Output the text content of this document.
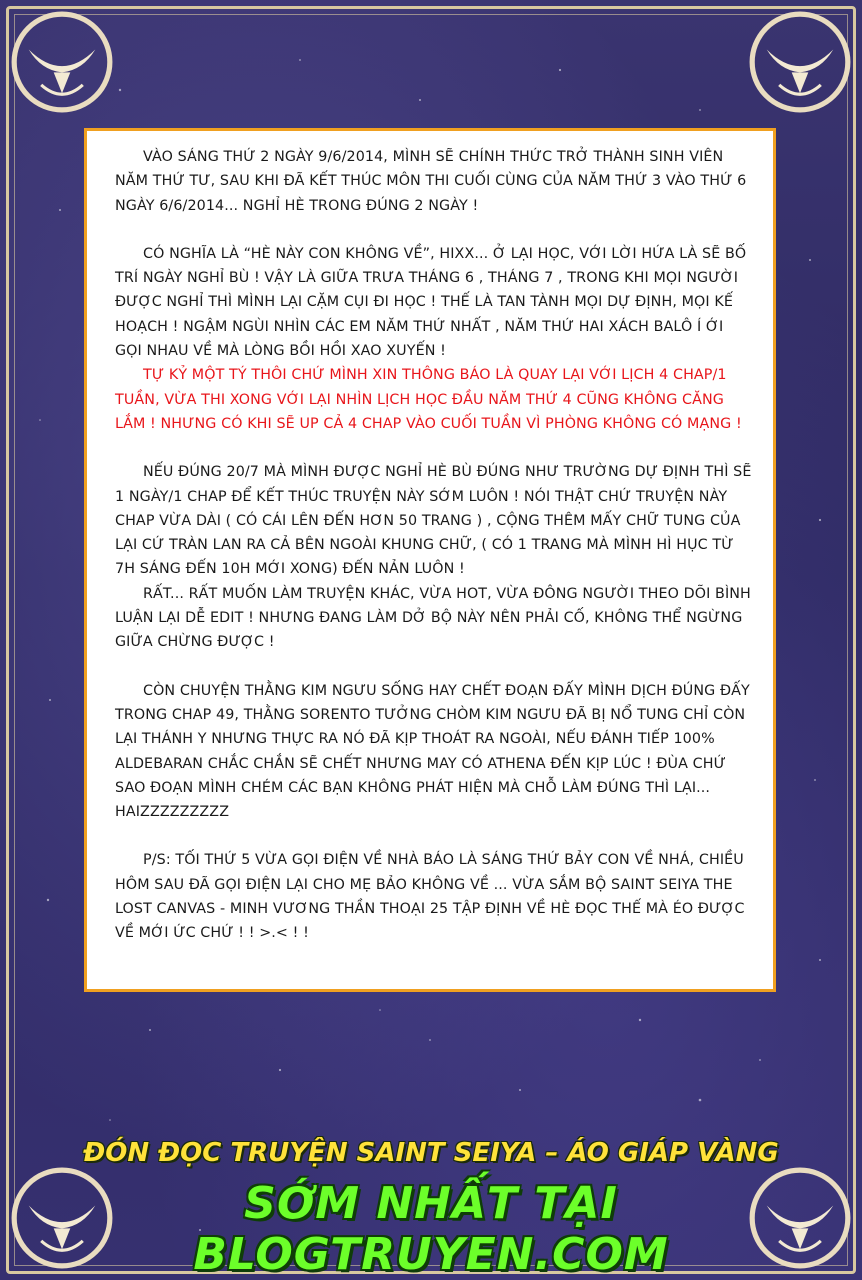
VÀO SÁNG THỨ 2 NGÀY 9/6/2014, MÌNH SẼ CHÍNH THỨC TRỞ THÀNH SINH VIÊN NĂM THỨ TƯ, SAU KHI ĐÃ KẾT THÚC MÔN THI CUỐI CÙNG CỦA NĂM THỨ 3 VÀO THỨ 6 NGÀY 6/6/2014... NGHỈ HÈ TRONG ĐÚNG 2 NGÀY !

CÓ NGHĨA LÀ “HÈ NÀY CON KHÔNG VỀ”, HIXX... Ở LẠI HỌC, VỚI LỜI HỨA LÀ SẼ BỐ TRÍ NGÀY NGHỈ BÙ ! VẬY LÀ GIỮA TRƯA THÁNG 6 , THÁNG 7 , TRONG KHI MỌI NGƯỜI ĐƯỢC NGHỈ THÌ MÌNH LẠI CẶM CỤI ĐI HỌC ! THẾ LÀ TAN TÀNH MỌI DỰ ĐỊNH, MỌI KẾ HOẠCH ! NGẬM NGÙI NHÌN CÁC EM NĂM THỨ NHẤT , NĂM THỨ HAI XÁCH BALÔ Í ỚI GỌI NHAU VỀ MÀ LÒNG BỒI HỒI XAO XUYẾN !

TỰ KỶ MỘT TÝ THÔI CHỨ MÌNH XIN THÔNG BÁO LÀ QUAY LẠI VỚI LỊCH 4 CHAP/1 TUẦN, VỪA THI XONG VỚI LẠI NHÌN LỊCH HỌC ĐẦU NĂM THỨ 4 CŨNG KHÔNG CĂNG LẮM ! NHƯNG CÓ KHI SẼ UP CẢ 4 CHAP VÀO CUỐI TUẦN VÌ PHÒNG KHÔNG CÓ MẠNG !

NẾU ĐÚNG 20/7 MÀ MÌNH ĐƯỢC NGHỈ HÈ BÙ ĐÚNG NHƯ TRƯỜNG DỰ ĐỊNH THÌ SẼ 1 NGÀY/1 CHAP ĐỂ KẾT THÚC TRUYỆN NÀY SỚM LUÔN ! NÓI THẬT CHỨ TRUYỆN NÀY CHAP VỪA DÀI ( CÓ CÁI LÊN ĐẾN HƠN 50 TRANG ) , CỘNG THÊM MẤY CHỮ TUNG CỦA LẠI CỨ TRÀN LAN RA CẢ BÊN NGOÀI KHUNG CHỮ, ( CÓ 1 TRANG MÀ MÌNH HÌ HỤC TỪ 7H SÁNG ĐẾN 10H MỚI XONG) ĐẾN NẢN LUÔN !

RẤT... RẤT MUỐN LÀM TRUYỆN KHÁC, VỪA HOT, VỪA ĐÔNG NGƯỜI THEO DÕI BÌNH LUẬN LẠI DỄ EDIT ! NHƯNG ĐANG LÀM DỞ BỘ NÀY NÊN PHẢI CỐ, KHÔNG THỂ NGỪNG GIỮA CHỪNG ĐƯỢC !

CÒN CHUYỆN THẰNG KIM NGƯU SỐNG HAY CHẾT ĐOẠN ĐẤY MÌNH DỊCH ĐÚNG ĐẤY TRONG CHAP 49, THẰNG SORENTO TƯỞNG CHÒM KIM NGƯU ĐÃ BỊ NỔ TUNG CHỈ CÒN LẠI THÁNH Y NHƯNG THỰC RA NÓ ĐÃ KỊP THOÁT RA NGOÀI, NẾU ĐÁNH TIẾP 100% ALDEBARAN CHẮC CHẮN SẼ CHẾT NHƯNG MAY CÓ ATHENA ĐẾN KỊP LÚC ! ĐÙA CHỨ SAO ĐOẠN MÌNH CHÉM CÁC BẠN KHÔNG PHÁT HIỆN MÀ CHỖ LÀM ĐÚNG THÌ LẠI... HAIZZZZZZZZZ

P/S: TỐI THỨ 5 VỪA GỌI ĐIỆN VỀ NHÀ BÁO LÀ SÁNG THỨ BẢY CON VỀ NHÁ, CHIỀU HÔM SAU ĐÃ GỌI ĐIỆN LẠI CHO MẸ BẢO KHÔNG VỀ ... VỪA SẮM BỘ SAINT SEIYA THE LOST CANVAS - MINH VƯƠNG THẦN THOẠI 25 TẬP ĐỊNH VỀ HÈ ĐỌC THẾ MÀ ÉO ĐƯỢC VỀ MỚI ỨC CHỨ ! ! >.< ! !

ĐÓN ĐỌC TRUYỆN SAINT SEIYA – ÁO GIÁP VÀNG
SỚM NHẤT TẠI BLOGTRUYEN.COM
